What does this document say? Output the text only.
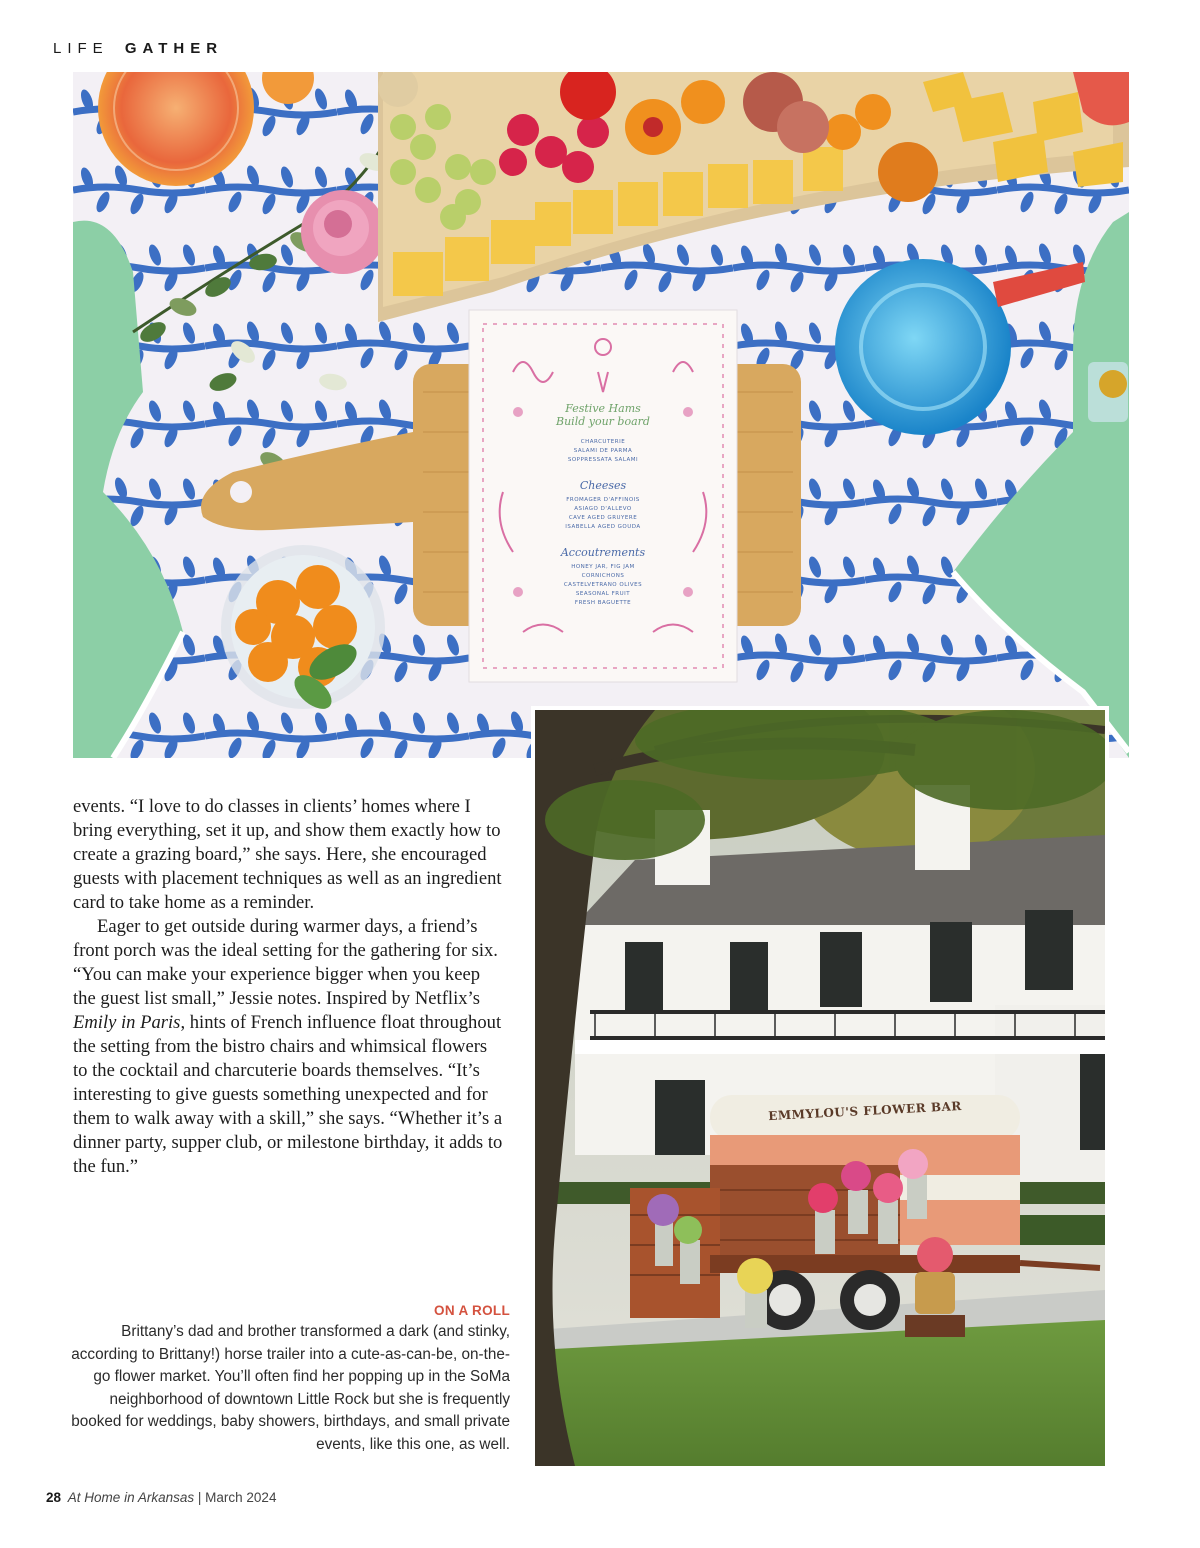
LIFE GATHER
Festive Hams
Build your board
CHARCUTERIE
SALAMI DE PARMA
SOPPRESSATA SALAMI
Cheeses
FROMAGER D'AFFINOIS
ASIAGO D'ALLEVO
CAVE AGED GRUYERE
ISABELLA AGED GOUDA
Accoutrements
HONEY JAR, FIG JAM
CORNICHONS
CASTELVETRANO OLIVES
SEASONAL FRUIT
FRESH BAGUETTE
EMMYLOU'S FLOWER BAR

events. “I love to do classes in clients’ homes where I bring everything, set it up, and show them exactly how to create a grazing board,” she says. Here, she encouraged guests with placement techniques as well as an ingredient card to take home as a reminder.

Eager to get outside during warmer days, a friend’s front porch was the ideal setting for the gathering for six. “You can make your experience bigger when you keep the guest list small,” Jessie notes. Inspired by Netflix’s Emily in Paris, hints of French influence float throughout the setting from the bistro chairs and whimsical flowers to the cocktail and charcuterie boards themselves. “It’s interesting to give guests something unexpected and for them to walk away with a skill,” she says. “Whether it’s a dinner party, supper club, or milestone birthday, it adds to the fun.”

ON A ROLL
Brittany’s dad and brother transformed a dark (and stinky, according to Brittany!) horse trailer into a cute-as-can-be, on-the-go flower market. You’ll often find her popping up in the SoMa neighborhood of downtown Little Rock but she is frequently booked for weddings, baby showers, birthdays, and small private events, like this one, as well.
28 At Home in Arkansas | March 2024
